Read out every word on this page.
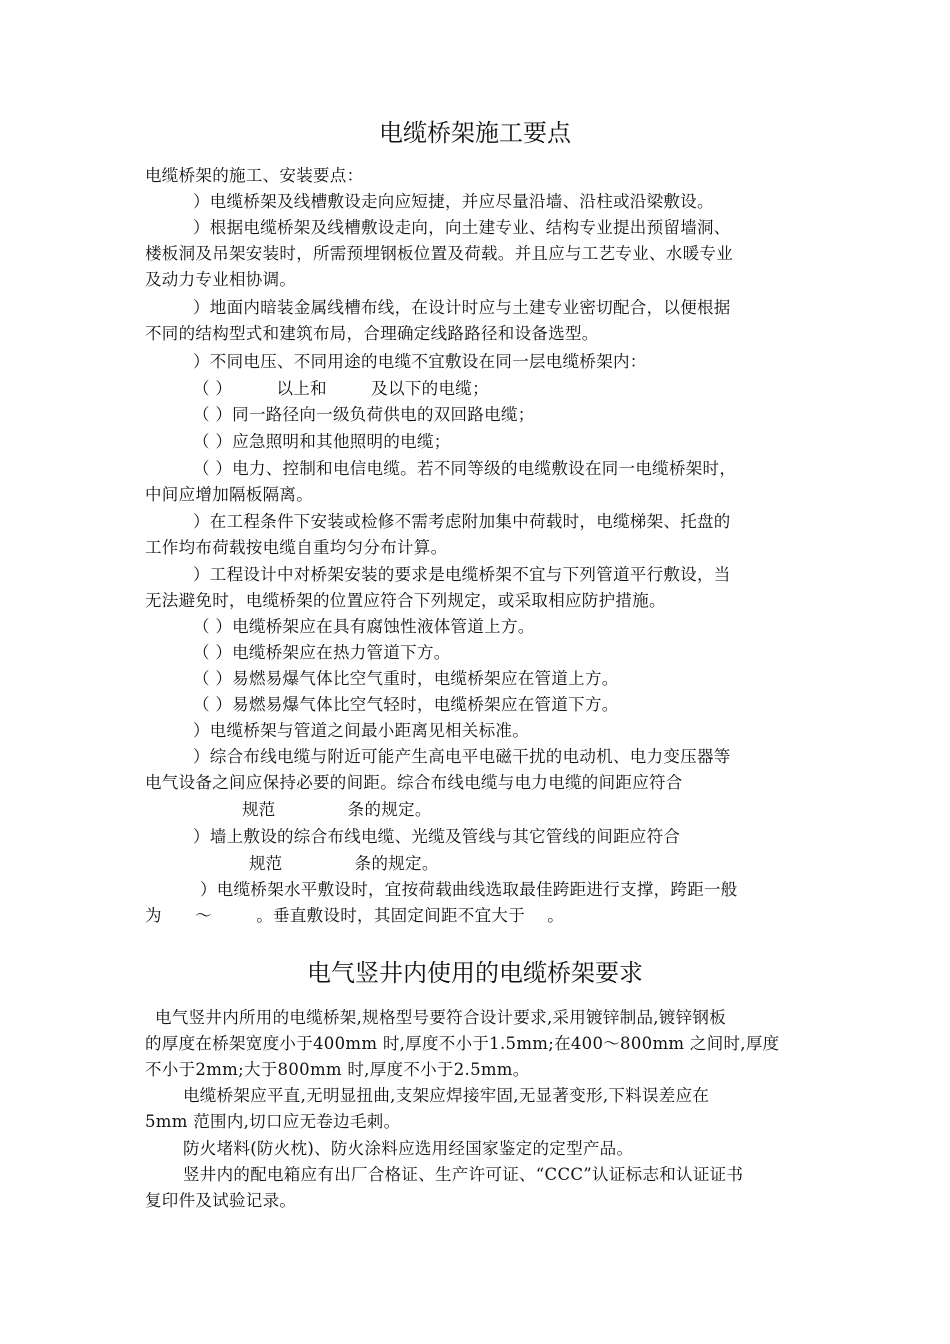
电缆桥架施工要点
电缆桥架的施工、安装要点：
）电缆桥架及线槽敷设走向应短捷，并应尽量沿墙、沿柱或沿梁敷设。
）根据电缆桥架及线槽敷设走向，向土建专业、结构专业提出预留墙洞、
楼板洞及吊架安装时，所需预埋钢板位置及荷载。并且应与工艺专业、水暖专业
及动力专业相协调。
）地面内暗装金属线槽布线，在设计时应与土建专业密切配合，以便根据
不同的结构型式和建筑布局，合理确定线路路径和设备选型。
）不同电压、不同用途的电缆不宜敷设在同一层电缆桥架内：
（ ）        以上和        及以下的电缆；
（ ）同一路径向一级负荷供电的双回路电缆；
（ ）应急照明和其他照明的电缆；
（ ）电力、控制和电信电缆。若不同等级的电缆敷设在同一电缆桥架时，
中间应增加隔板隔离。
）在工程条件下安装或检修不需考虑附加集中荷载时，电缆梯架、托盘的
工作均布荷载按电缆自重均匀分布计算。
）工程设计中对桥架安装的要求是电缆桥架不宜与下列管道平行敷设，当
无法避免时，电缆桥架的位置应符合下列规定，或采取相应防护措施。
（ ）电缆桥架应在具有腐蚀性液体管道上方。
（ ）电缆桥架应在热力管道下方。
（ ）易燃易爆气体比空气重时，电缆桥架应在管道上方。
（ ）易燃易爆气体比空气轻时，电缆桥架应在管道下方。
）电缆桥架与管道之间最小距离见相关标准。
）综合布线电缆与附近可能产生高电平电磁干扰的电动机、电力变压器等
电气设备之间应保持必要的间距。综合布线电缆与电力电缆的间距应符合
规范             条的规定。
）墙上敷设的综合布线电缆、光缆及管线与其它管线的间距应符合
规范             条的规定。
）电缆桥架水平敷设时，宜按荷载曲线选取最佳跨距进行支撑，跨距一般
为      ～        。垂直敷设时，其固定间距不宜大于    。
电气竖井内使用的电缆桥架要求
电气竖井内所用的电缆桥架,规格型号要符合设计要求,采用镀锌制品,镀锌钢板
的厚度在桥架宽度小于400mm 时,厚度不小于1.5mm;在400～800mm 之间时,厚度
不小于2mm;大于800mm 时,厚度不小于2.5mm。
电缆桥架应平直,无明显扭曲,支架应焊接牢固,无显著变形,下料误差应在
5mm 范围内,切口应无卷边毛刺。
防火堵料(防火枕)、防火涂料应选用经国家鉴定的定型产品。
竖井内的配电箱应有出厂合格证、生产许可证、“CCC”认证标志和认证证书
复印件及试验记录。
